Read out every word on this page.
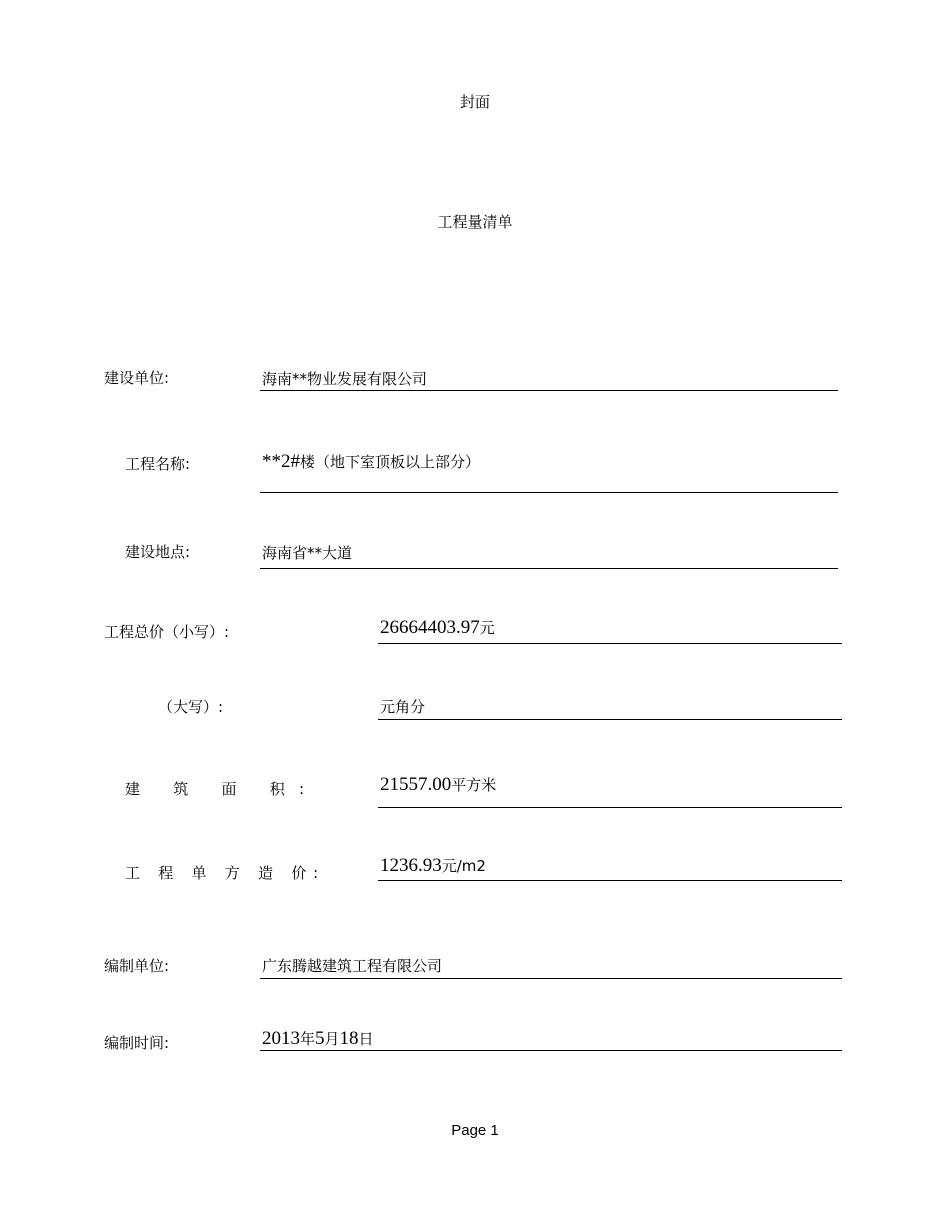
封面
工程量清单
建设单位:	海南**物业发展有限公司
工程名称:	**2#楼（地下室顶板以上部分）
建设地点:	海南省**大道
工程总价（小写）:	26664403.97元
（大写）:	元角分
建 筑 面 积:	21557.00平方米
工 程 单 方 造 价:	1236.93元/m2
编制单位:	广东腾越建筑工程有限公司
编制时间:	2013年5月18日
Page 1
